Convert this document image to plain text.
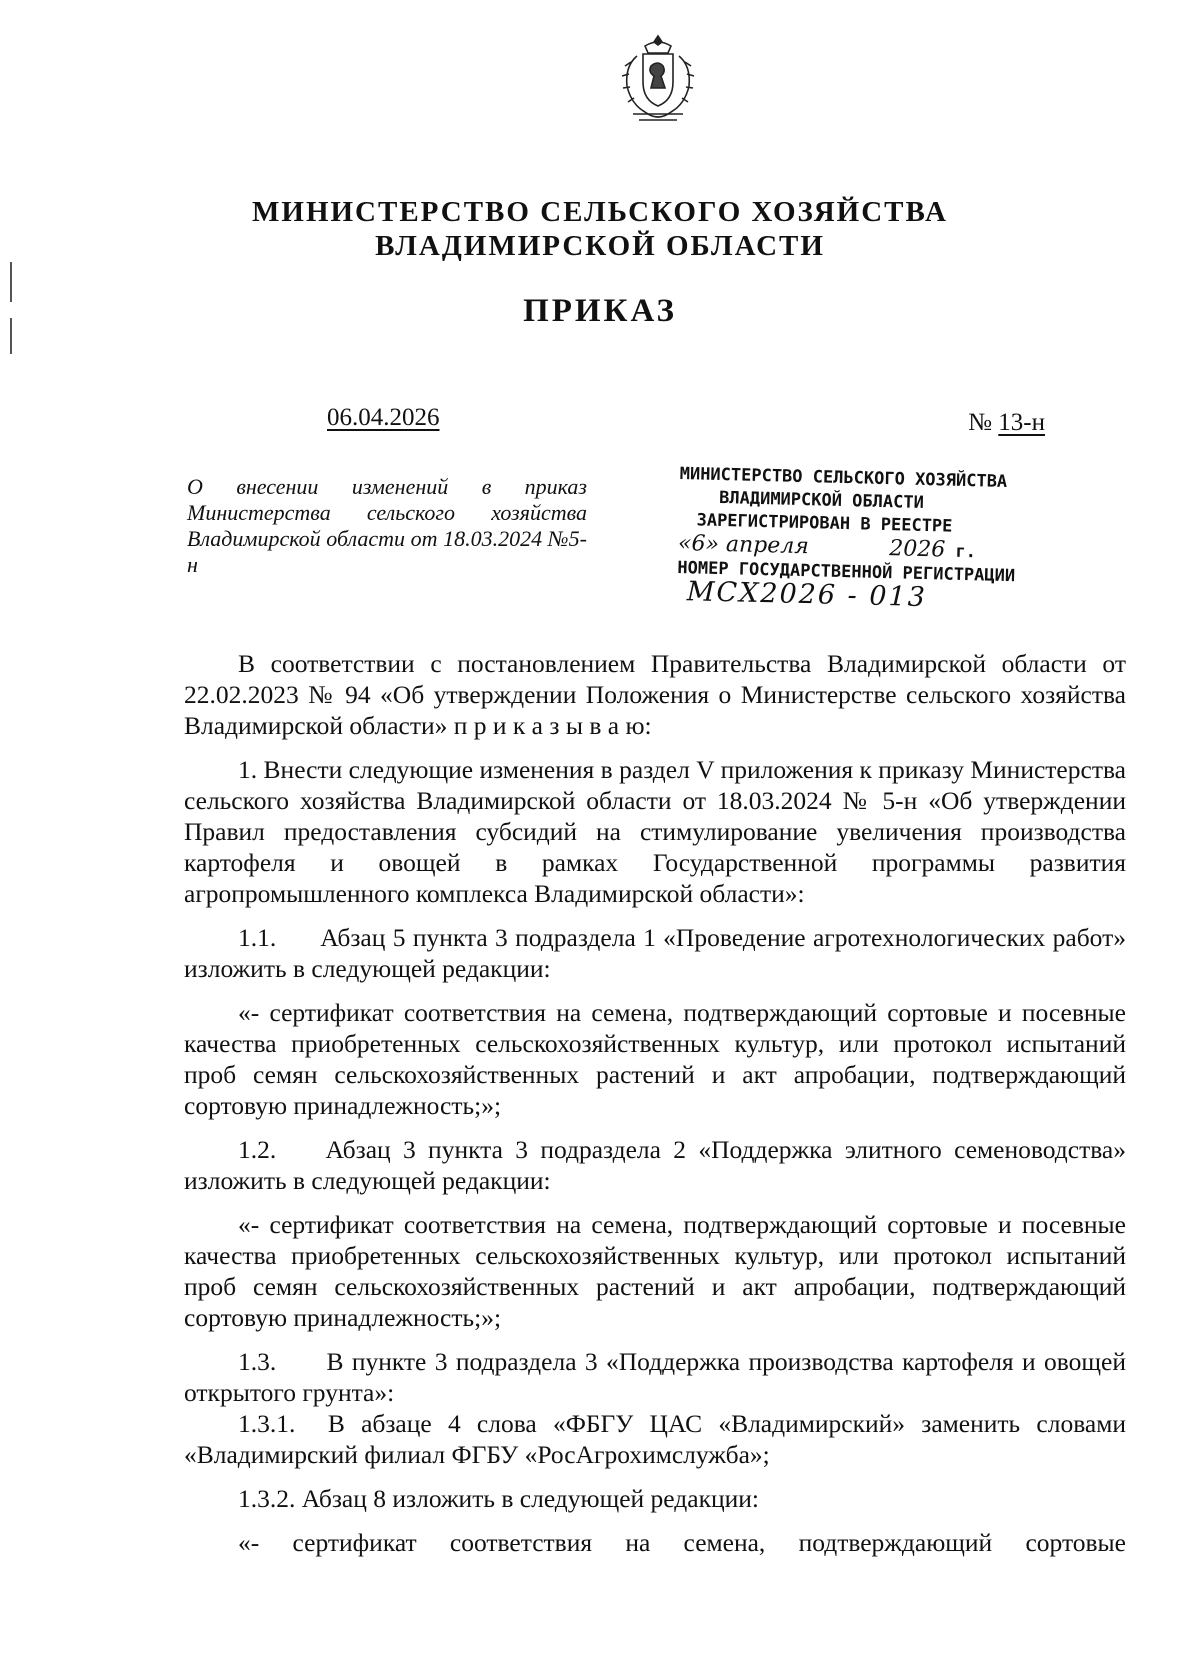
МИНИСТЕРСТВО СЕЛЬСКОГО ХОЗЯЙСТВА
ВЛАДИМИРСКОЙ ОБЛАСТИ
ПРИКАЗ
06.04.2026	№ 13-н
О внесении изменений в приказ Министерства сельского хозяйства Владимирской области от 18.03.2024 №5-н
МИНИСТЕРСТВО СЕЛЬСКОГО ХОЗЯЙСТВА
ВЛАДИМИРСКОЙ ОБЛАСТИ
ЗАРЕГИСТРИРОВАН В РЕЕСТРЕ
«6» апреля	2026 г.
НОМЕР ГОСУДАРСТВЕННОЙ РЕГИСТРАЦИИ
МСХ2026 - 013

В соответствии с постановлением Правительства Владимирской области от 22.02.2023 № 94 «Об утверждении Положения о Министерстве сельского хозяйства Владимирской области» п р и к а з ы в а ю:

1. Внести следующие изменения в раздел V приложения к приказу Министерства сельского хозяйства Владимирской области от 18.03.2024 № 5-н «Об утверждении Правил предоставления субсидий на стимулирование увеличения производства картофеля и овощей в рамках Государственной программы развития агропромышленного комплекса Владимирской области»:

1.1.      Абзац 5 пункта 3 подраздела 1 «Проведение агротехнологических работ» изложить в следующей редакции:

«- сертификат соответствия на семена, подтверждающий сортовые и посевные качества приобретенных сельскохозяйственных культур, или протокол испытаний проб семян сельскохозяйственных растений и акт апробации, подтверждающий сортовую принадлежность;»;

1.2.    Абзац 3 пункта 3 подраздела 2 «Поддержка элитного семеноводства» изложить в следующей редакции:

«- сертификат соответствия на семена, подтверждающий сортовые и посевные качества приобретенных сельскохозяйственных культур, или протокол испытаний проб семян сельскохозяйственных растений и акт апробации, подтверждающий сортовую принадлежность;»;

1.3.      В пункте 3 подраздела 3 «Поддержка производства картофеля и овощей открытого грунта»:

1.3.1.  В абзаце 4 слова «ФБГУ ЦАС «Владимирский» заменить словами «Владимирский филиал ФГБУ «РосАгрохимслужба»;

1.3.2. Абзац 8 изложить в следующей редакции:

«- сертификат соответствия на семена, подтверждающий сортовые
